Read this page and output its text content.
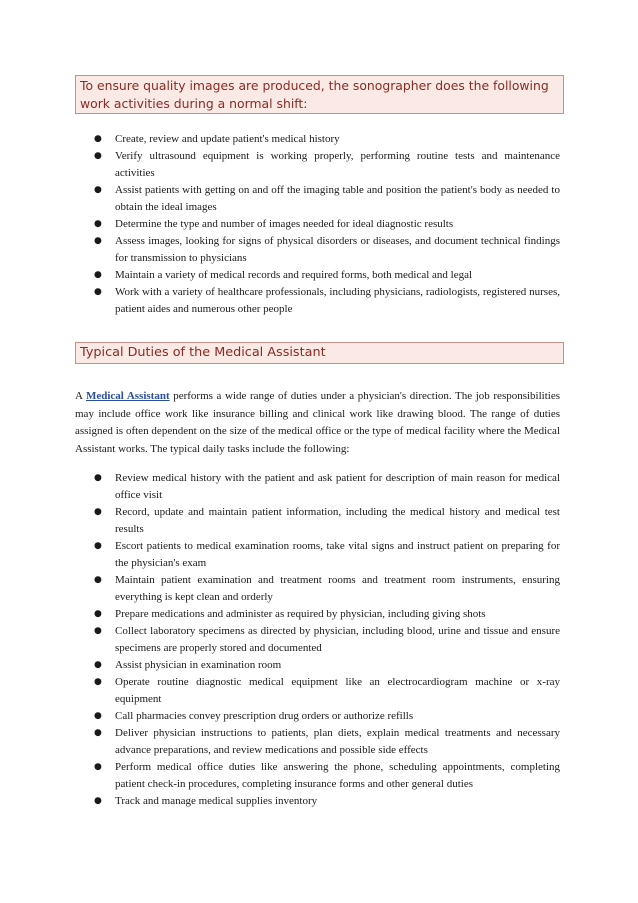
To ensure quality images are produced, the sonographer does the following work activities during a normal shift:
● Create, review and update patient's medical history
● Verify ultrasound equipment is working properly, performing routine tests and maintenance activities
● Assist patients with getting on and off the imaging table and position the patient's body as needed to obtain the ideal images
● Determine the type and number of images needed for ideal diagnostic results
● Assess images, looking for signs of physical disorders or diseases, and document technical findings for transmission to physicians
● Maintain a variety of medical records and required forms, both medical and legal
● Work with a variety of healthcare professionals, including physicians, radiologists, registered nurses, patient aides and numerous other people
Typical Duties of the Medical Assistant

A Medical Assistant performs a wide range of duties under a physician's direction. The job responsibilities may include office work like insurance billing and clinical work like drawing blood. The range of duties assigned is often dependent on the size of the medical office or the type of medical facility where the Medical Assistant works. The typical daily tasks include the following:

● Review medical history with the patient and ask patient for description of main reason for medical office visit
● Record, update and maintain patient information, including the medical history and medical test results
● Escort patients to medical examination rooms, take vital signs and instruct patient on preparing for the physician's exam
● Maintain patient examination and treatment rooms and treatment room instruments, ensuring everything is kept clean and orderly
● Prepare medications and administer as required by physician, including giving shots
● Collect laboratory specimens as directed by physician, including blood, urine and tissue and ensure specimens are properly stored and documented
● Assist physician in examination room
● Operate routine diagnostic medical equipment like an electrocardiogram machine or x-ray equipment
● Call pharmacies convey prescription drug orders or authorize refills
● Deliver physician instructions to patients, plan diets, explain medical treatments and necessary advance preparations, and review medications and possible side effects
● Perform medical office duties like answering the phone, scheduling appointments, completing patient check-in procedures, completing insurance forms and other general duties
● Track and manage medical supplies inventory
